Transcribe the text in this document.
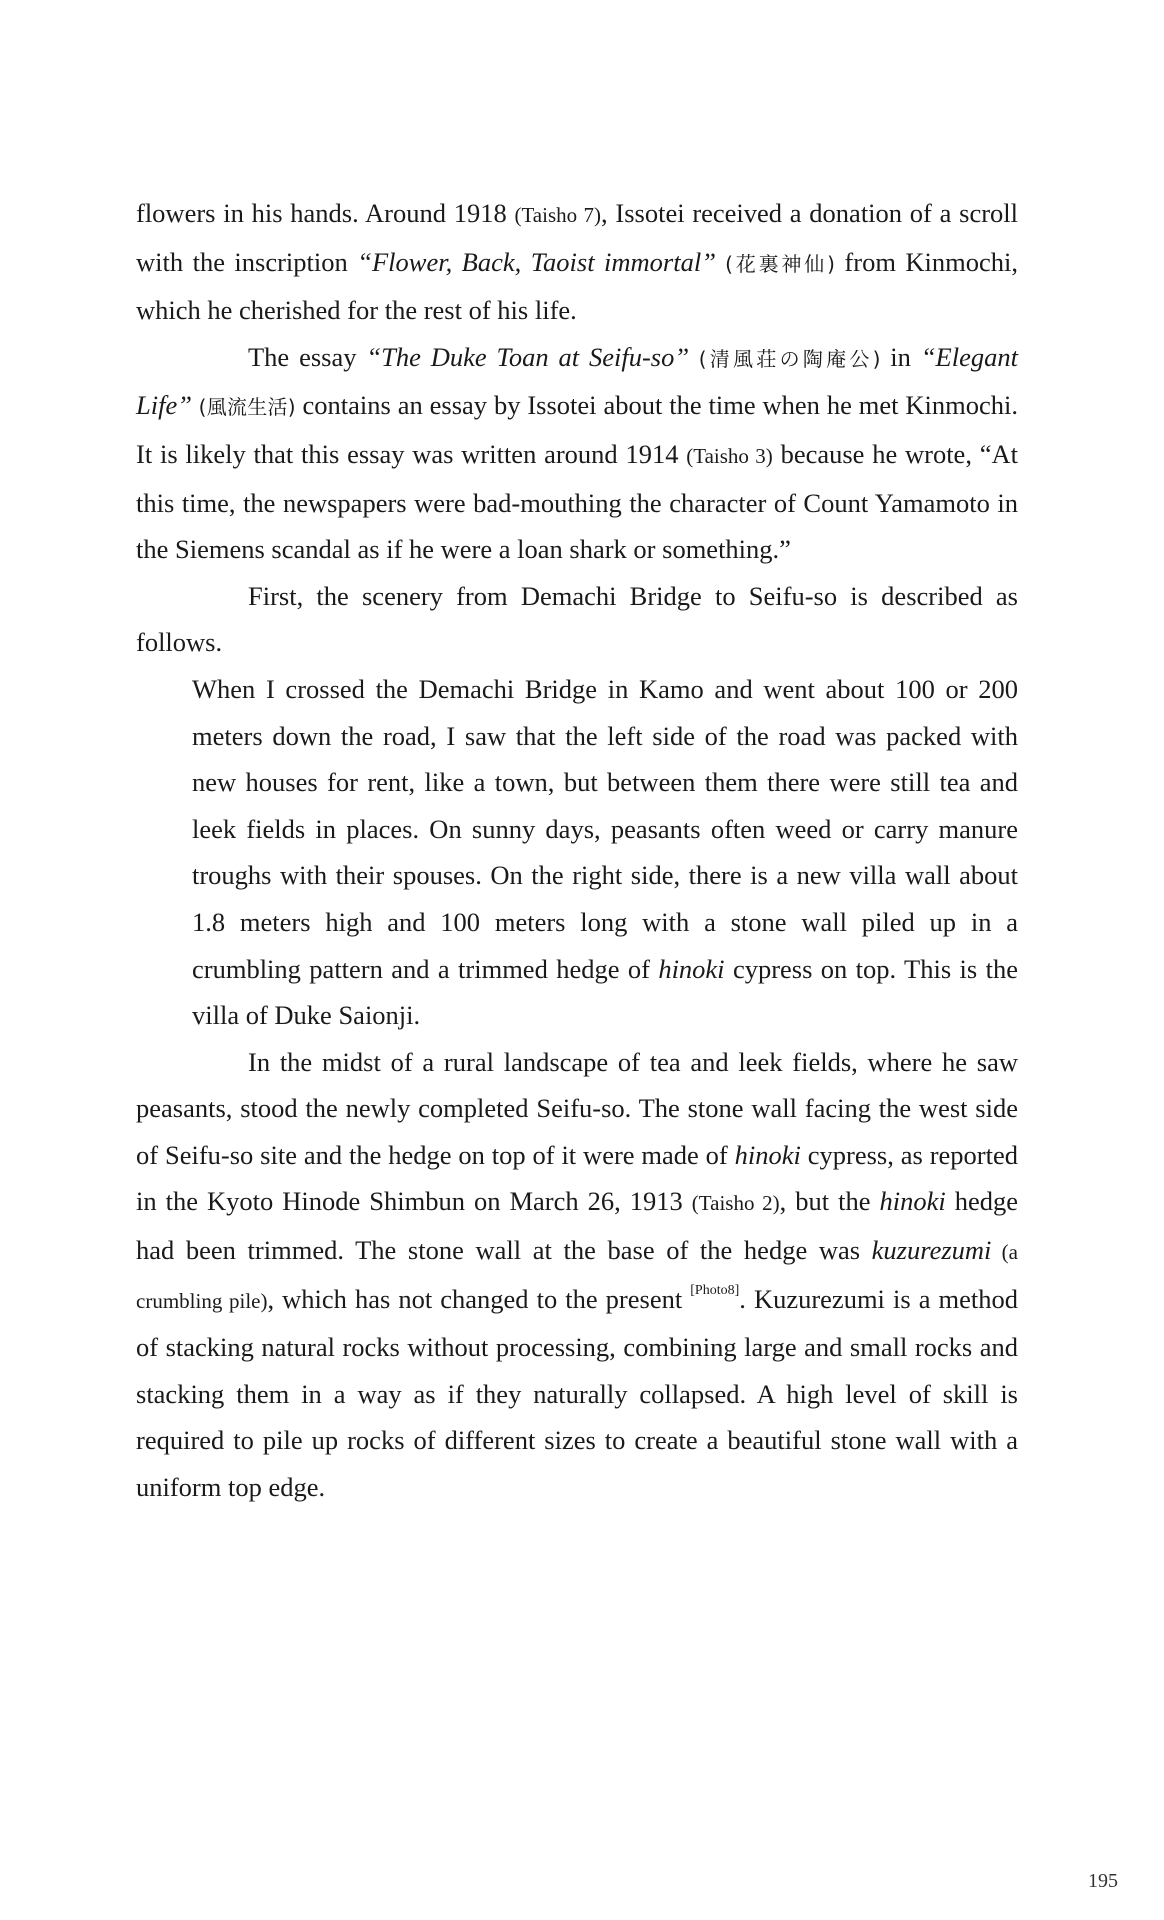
flowers in his hands. Around 1918 (Taisho 7), Issotei received a donation of a scroll with the inscription “Flower, Back, Taoist immortal” (花裏神仙) from Kinmochi, which he cherished for the rest of his life.

The essay “The Duke Toan at Seifu-so” (清風荘の陶庵公) in “Elegant Life” (風流生活) contains an essay by Issotei about the time when he met Kinmochi. It is likely that this essay was written around 1914 (Taisho 3) because he wrote, “At this time, the newspapers were bad-mouthing the character of Count Yamamoto in the Siemens scandal as if he were a loan shark or something.”

First, the scenery from Demachi Bridge to Seifu-so is described as follows.

When I crossed the Demachi Bridge in Kamo and went about 100 or 200 meters down the road, I saw that the left side of the road was packed with new houses for rent, like a town, but between them there were still tea and leek fields in places. On sunny days, peasants often weed or carry manure troughs with their spouses. On the right side, there is a new villa wall about 1.8 meters high and 100 meters long with a stone wall piled up in a crumbling pattern and a trimmed hedge of hinoki cypress on top. This is the villa of Duke Saionji.

In the midst of a rural landscape of tea and leek fields, where he saw peasants, stood the newly completed Seifu-so. The stone wall facing the west side of Seifu-so site and the hedge on top of it were made of hinoki cypress, as reported in the Kyoto Hinode Shimbun on March 26, 1913 (Taisho 2), but the hinoki hedge had been trimmed. The stone wall at the base of the hedge was kuzurezumi (a crumbling pile), which has not changed to the present [Photo8]. Kuzurezumi is a method of stacking natural rocks without processing, combining large and small rocks and stacking them in a way as if they naturally collapsed. A high level of skill is required to pile up rocks of different sizes to create a beautiful stone wall with a uniform top edge.

195
